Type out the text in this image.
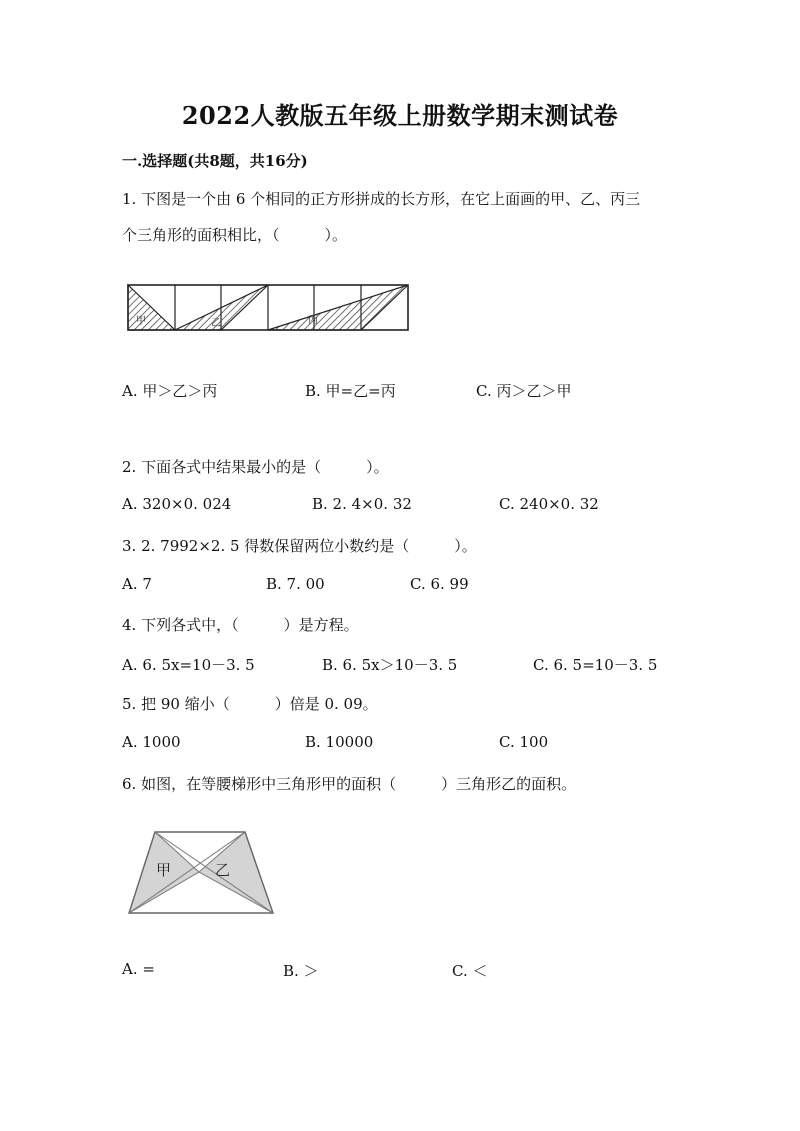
2022人教版五年级上册数学期末测试卷
一.选择题(共8题，共16分)
1. 下图是一个由 6 个相同的正方形拼成的长方形，在它上面画的甲、乙、丙三
个三角形的面积相比，（　　　）。
甲	乙	丙
A. 甲＞乙＞丙	B. 甲=乙=丙	C. 丙＞乙＞甲
2. 下面各式中结果最小的是（　　　）。
A. 320×0. 024	B. 2. 4×0. 32	C. 240×0. 32
3. 2. 7992×2. 5 得数保留两位小数约是（　　　）。
A. 7	B. 7. 00	C. 6. 99
4. 下列各式中，（　　　）是方程。
A. 6. 5x=10－3. 5	B. 6. 5x＞10－3. 5	C. 6. 5=10－3. 5
5. 把 90 缩小（　　　）倍是 0. 09。
A. 1000	B. 10000	C. 100
6. 如图，在等腰梯形中三角形甲的面积（　　　）三角形乙的面积。
甲	乙
A. =	B. ＞	C. ＜
